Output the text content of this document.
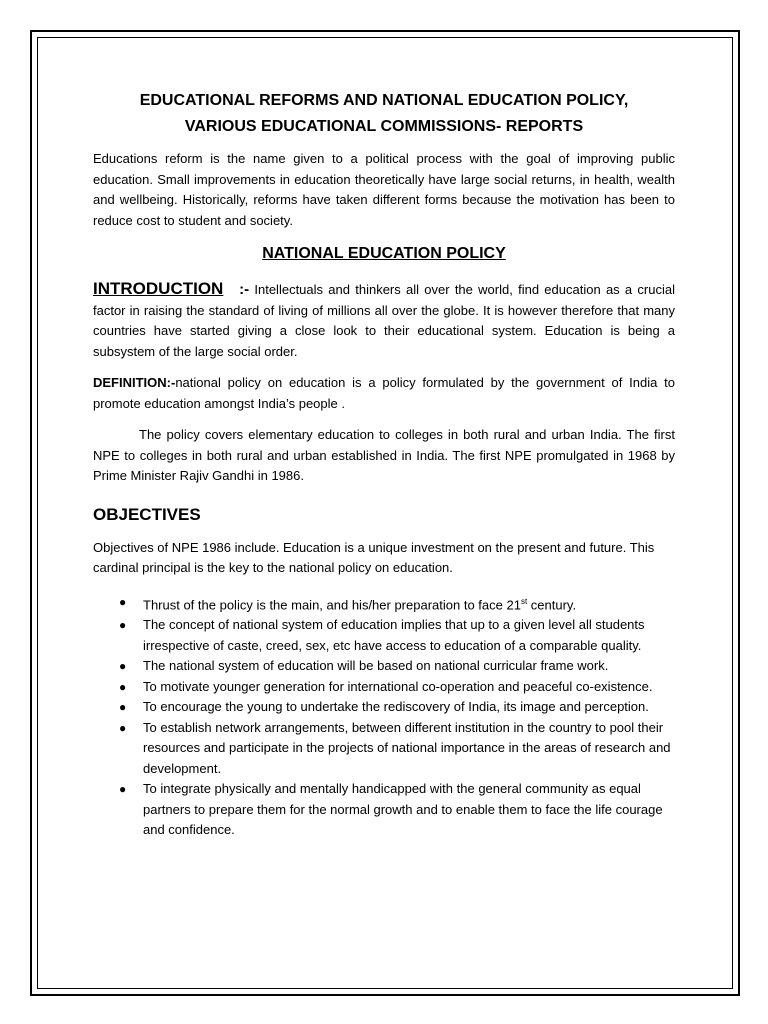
EDUCATIONAL REFORMS AND NATIONAL EDUCATION POLICY,
VARIOUS EDUCATIONAL COMMISSIONS- REPORTS

Educations reform is the name given to a political process with the goal of improving public education. Small improvements in education theoretically have large social returns, in health, wealth and wellbeing. Historically, reforms have taken different forms because the motivation has been to reduce cost to student and society.

NATIONAL EDUCATION POLICY

INTRODUCTION :- Intellectuals and thinkers all over the world, find education as a crucial factor in raising the standard of living of millions all over the globe. It is however therefore that many countries have started giving a close look to their educational system. Education is being a subsystem of the large social order.

DEFINITION:-national policy on education is a policy formulated by the government of India to promote education amongst India’s people .

The policy covers elementary education to colleges in both rural and urban India. The first NPE to colleges in both rural and urban established in India. The first NPE promulgated in 1968 by Prime Minister Rajiv Gandhi in 1986.

OBJECTIVES

Objectives of NPE 1986 include. Education is a unique investment on the present and future. This cardinal principal is the key to the national policy on education.

● Thrust of the policy is the main, and his/her preparation to face 21st century.
● The concept of national system of education implies that up to a given level all students irrespective of caste, creed, sex, etc have access to education of a comparable quality.
● The national system of education will be based on national curricular frame work.
● To motivate younger generation for international co-operation and peaceful co-existence.
● To encourage the young to undertake the rediscovery of India, its image and perception.
● To establish network arrangements, between different institution in the country to pool their resources and participate in the projects of national importance in the areas of research and development.
● To integrate physically and mentally handicapped with the general community as equal partners to prepare them for the normal growth and to enable them to face the life courage and confidence.
